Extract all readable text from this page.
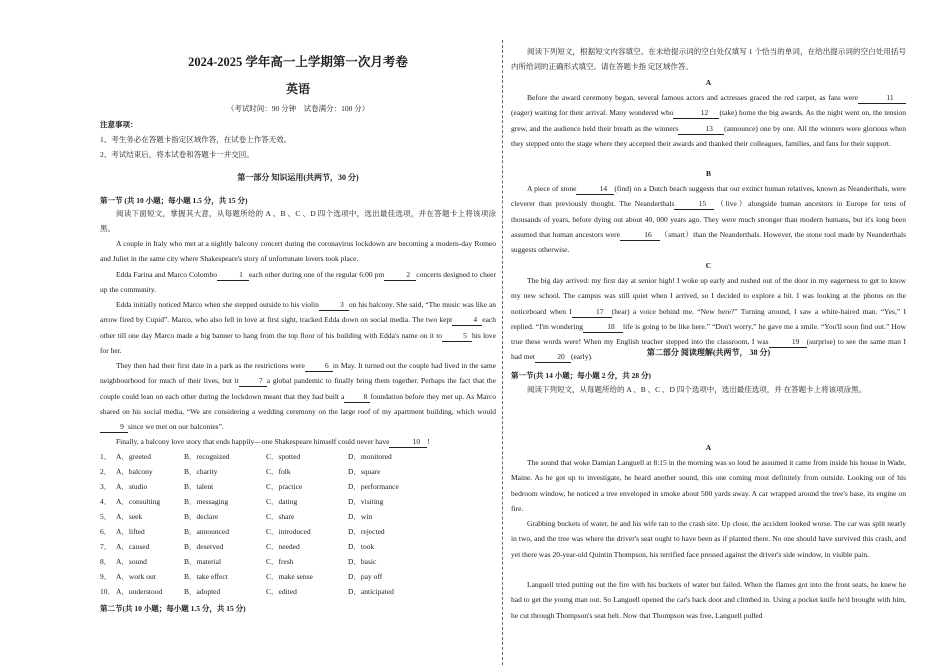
2024-2025 学年高一上学期第一次月考卷
英语
（考试时间：90 分钟　试卷满分：100 分）
注意事项：
1、考生务必在答题卡指定区域作答，在试卷上作答无效。
2、考试结束后，将本试卷和答题卡一并交回。
第一部分 知识运用(共两节，30 分)
第一节 (共 10 小题；每小题 1.5 分，共 15 分)
阅读下面短文，掌握其大意，从每题所给的 A 、B 、C 、D 四个选项中，选出最佳选项，并在答题卡上将该项涂黑。
A couple in Italy who met at a nightly balcony concert during the coronavirus lockdown are becoming a modern-day Romeo and Juliet in the same city where Shakespeare's story of unfortunate lovers took place.
Edda Farina and Marco Colombo	1 each other during one of the regular 6:00 pm	2 concerts designed to cheer up the community.
Edda initially noticed Marco when she stepped outside to his violin	3 on his balcony. She said, “The music was like an arrow fired by Cupid”. Marco, who also fell in love at first sight, tracked Edda down on social media. The two kept	4 each other till one day Marco made a big banner to hang from the top floor of his building with Edda's name on it to	5 his love for her.
They then had their first date in a park as the restrictions were	6 in May. It turned out the couple had lived in the same neighbourhood for much of their lives, but it	7 a global pandemic to finally bring them together. Perhaps the fact that the couple could lean on each other during the lockdown meant that they had built a	8 foundation before they met up. As Marco shared on his social media, “We are considering a wedding ceremony on the large roof of my apartment building, which would9 since we met on our balconies”.
Finally, a balcony love story that ends happily—one Shakespeare himself could never have	10 !
1． A．greeted	B．recognized	C．spotted	D．monitored
2． A．balcony	B．charity	C．folk	D．square
3． A．studio	B．talent	C．practice	D．performance
4． A．consulting	B．messaging	C．dating	D．visiting
5． A．seek	B．declare	C．share	D．win
6． A．lifted	B．announced	C．introduced	D．rejected
7． A．caused	B．deserved	C．needed	D．took
8． A．sound	B．material	C．fresh	D．basic
9． A．work out	B．take effect	C．make sense	D．pay off
10． A．understood	B．adopted	C．edited	D．anticipated
第二节(共 10 小题；每小题 1.5 分，共 15 分)
阅读下列短文，根据短文内容填空。在未给提示词的空白处仅填写 1 个恰当的单词，在给出提示词的空白处用括号内所给词的正确形式填空。请在答题卡指 定区域作答。
A
Before the award ceremony began, several famous actors and actresses graced the red carpet, as fans were	11(eager) waiting for their arrival. Many wondered who	12 (take) home the big awards. As the night went on, the tension grew, and the audience held their breath as the winners	13 (announce) one by one. All the winners were glorious when they stepped onto the stage where they accepted their awards and thanked their colleagues, families, and fans for their support.
B
A piece of stone	14 (find) on a Dutch beach suggests that our extinct human relatives, known as Neanderthals, were cleverer than previously thought. The Neanderthals	15 （live）alongside human ancestors in Europe for tens of thousands of years, before dying out about 40, 000 years ago. They were much stronger than modern humans, but it's long been assumed that human ancestors were	16 （smart）than the Neanderthals. However, the stone tool made by Neanderthals suggests otherwise.
C
The big day arrived: my first day at senior high! I woke up early and rushed out of the door in my eagerness to get to know my new school. The campus was still quiet when I arrived, so I decided to explore a bit. I was looking at the photos on the noticeboard when I	17 (hear) a voice behind me. “New here?” Turning around, I saw a white-haired man. “Yes,” I replied. “I'm wondering	18 life is going to be like here.” “Don't worry,” he gave me a smile. “You'll soon find out.” How true these words were! When my English teacher stepped into the classroom, I was	19 (surprise) to see the same man I had met	20 (early).	第二部分 阅读理解(共两节， 38 分)
第一节(共 14 小题；每小题 2 分，共 28 分)
阅读下列短文，从每题所给的 A 、B 、C 、D 四个选项中，选出最佳选项，并 在答题卡上将该项涂黑。
A
The sound that woke Damian Languell at 8:15 in the morning was so loud he assumed it came from inside his house in Wade, Maine. As he got up to investigate, he heard another sound, this one coming most definitely from outside. Looking out of his bedroom window, he noticed a tree enveloped in smoke about 500 yards away. A car wrapped around the tree's base, its engine on fire.
Grabbing buckets of water, he and his wife ran to the crash site. Up close, the accident looked worse. The car was split nearly in two, and the tree was where the driver's seat ought to have been as if planted there. No one should have survived this crash, and yet there was 20-year-old Quintin Thompson, his terrified face pressed against the driver's side window, in visible pain.
Languell tried putting out the fire with his buckets of water but failed. When the flames got into the front seats, he knew he had to get the young man out. So Languell opened the car's back door and climbed in. Using a pocket knife he'd brought with him, he cut through Thompson's seat belt. Now that Thompson was free, Languell pulled
